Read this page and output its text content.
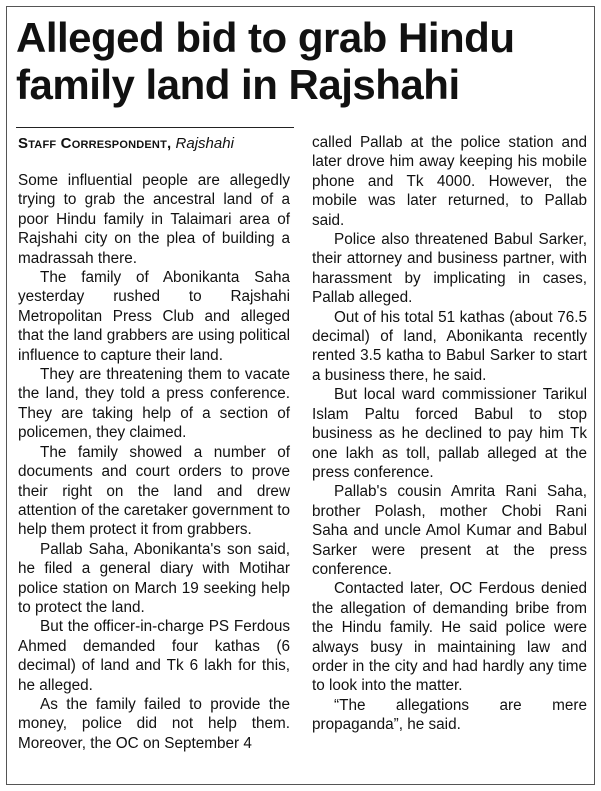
Alleged bid to grab Hindu family land in Rajshahi
Staff Correspondent, Rajshahi

Some influential people are allegedly trying to grab the ancestral land of a poor Hindu family in Talaimari area of Rajshahi city on the plea of building a madrassah there.

The family of Abonikanta Saha yesterday rushed to Rajshahi Metropolitan Press Club and alleged that the land grabbers are using political influence to capture their land.

They are threatening them to vacate the land, they told a press conference. They are taking help of a section of policemen, they claimed.

The family showed a number of documents and court orders to prove their right on the land and drew attention of the caretaker government to help them protect it from grabbers.

Pallab Saha, Abonikanta's son said, he filed a general diary with Motihar police station on March 19 seeking help to protect the land.

But the officer-in-charge PS Ferdous Ahmed demanded four kathas (6 decimal) of land and Tk 6 lakh for this, he alleged.

As the family failed to provide the money, police did not help them. Moreover, the OC on September 4

called Pallab at the police station and later drove him away keeping his mobile phone and Tk 4000. However, the mobile was later returned, to Pallab said.

Police also threatened Babul Sarker, their attorney and business partner, with harassment by implicating in cases, Pallab alleged.

Out of his total 51 kathas (about 76.5 decimal) of land, Abonikanta recently rented 3.5 katha to Babul Sarker to start a business there, he said.

But local ward commissioner Tarikul Islam Paltu forced Babul to stop business as he declined to pay him Tk one lakh as toll, pallab alleged at the press conference.

Pallab's cousin Amrita Rani Saha, brother Polash, mother Chobi Rani Saha and uncle Amol Kumar and Babul Sarker were present at the press conference.

Contacted later, OC Ferdous denied the allegation of demanding bribe from the Hindu family. He said police were always busy in maintaining law and order in the city and had hardly any time to look into the matter.

“The allegations are mere propaganda”, he said.
